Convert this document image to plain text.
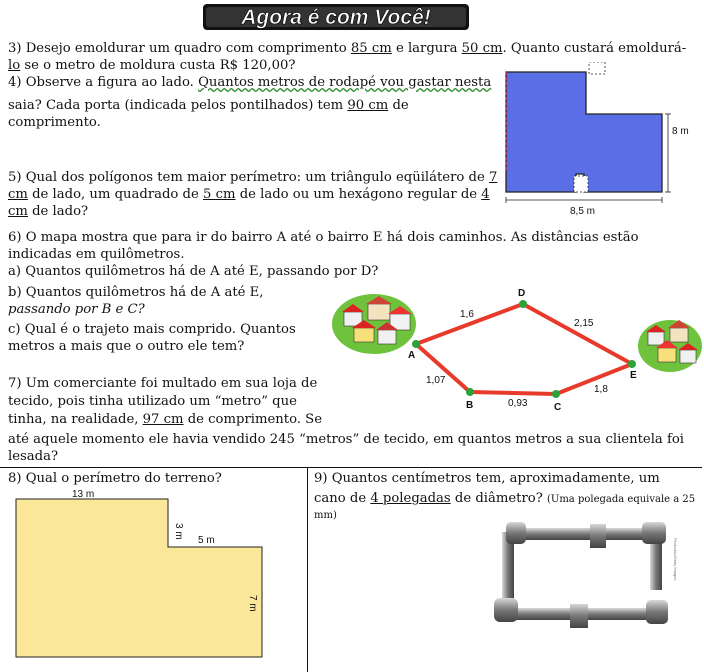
Agora é com Você!
3) Desejo emoldurar um quadro com comprimento 85 cm e largura 50 cm. Quanto custará emoldurá-
lo se o metro de moldura custa R$ 120,00?
4) Observe a figura ao lado. Quantos metros de rodapé vou gastar nesta
saia? Cada porta (indicada pelos pontilhados) tem 90 cm de
comprimento.
8 m
8,5 m
5) Qual dos polígonos tem maior perímetro: um triângulo eqüilátero de 7
cm de lado, um quadrado de 5 cm de lado ou um hexágono regular de 4
cm de lado?
6) O mapa mostra que para ir do bairro A até o bairro E há dois caminhos. As distâncias estão
indicadas em quilômetros.
a) Quantos quilômetros há de A até E, passando por D?
b) Quantos quilômetros há de A até E,
passando por B e C?
c) Qual é o trajeto mais comprido. Quantos
metros a mais que o outro ele tem?
A
B	C
D
E
1,6
2,15
1,07
0,93
1,8
7) Um comerciante foi multado em sua loja de
tecido, pois tinha utilizado um “metro” que
tinha, na realidade, 97 cm de comprimento. Se
até aquele momento ele havia vendido 245 “metros” de tecido, em quantos metros a sua clientela foi
lesada?
8) Qual o perímetro do terreno?
13 m
3 m
5 m
7 m
9) Quantos centímetros tem, aproximadamente, um
cano de 4 polegadas de diâmetro? (Uma polegada equivale a 25
mm)
Photodisc/Getty Images
